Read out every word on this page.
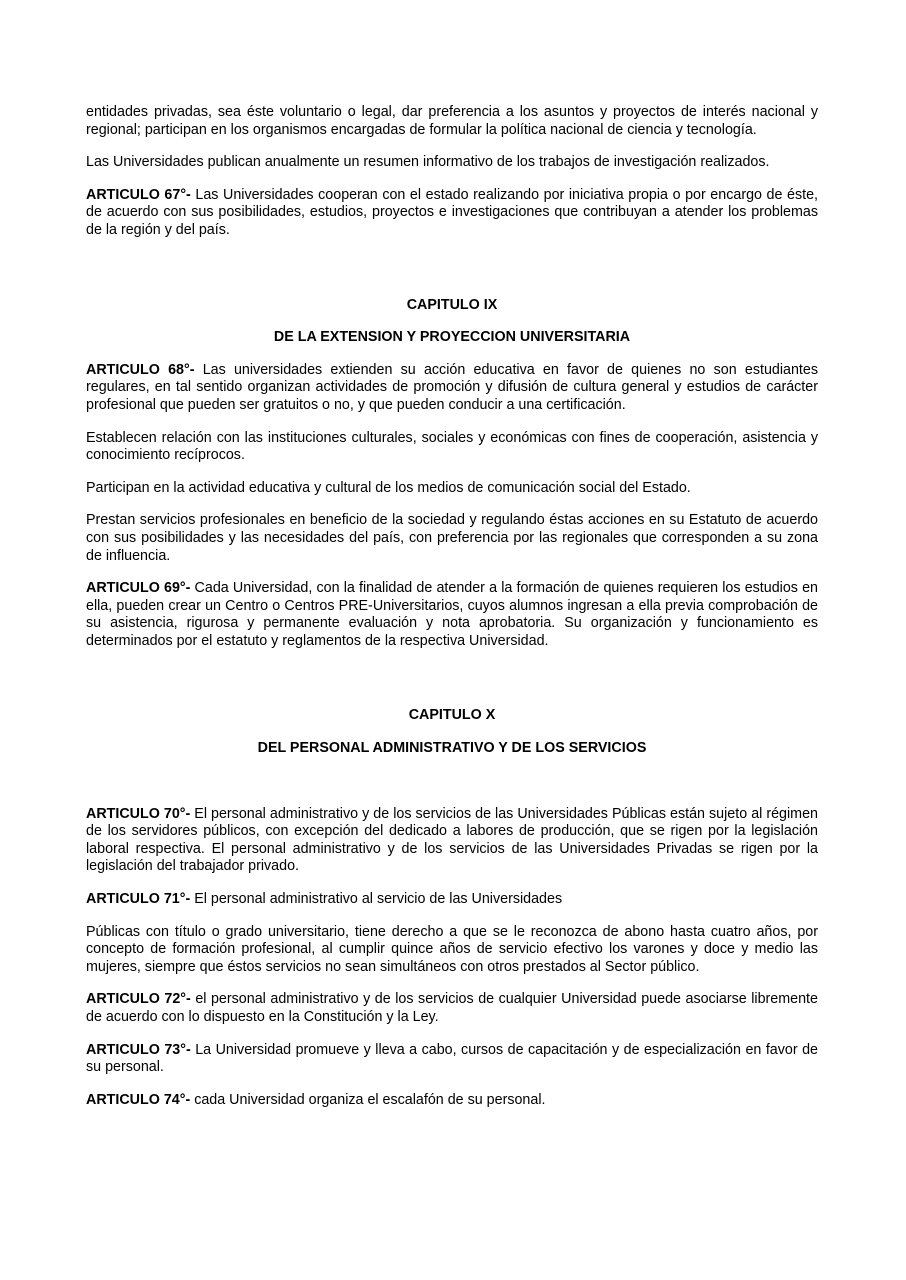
entidades privadas, sea éste voluntario o legal, dar preferencia a los asuntos y proyectos de interés nacional y regional; participan en los organismos encargadas de formular la política nacional de ciencia y tecnología.

Las Universidades publican anualmente un resumen informativo de los trabajos de investigación realizados.

ARTICULO 67°- Las Universidades cooperan con el estado realizando por iniciativa propia o por encargo de éste, de acuerdo con sus posibilidades, estudios, proyectos e investigaciones que contribuyan a atender los problemas de la región y del país.

CAPITULO IX

DE LA EXTENSION Y PROYECCION UNIVERSITARIA

ARTICULO 68°- Las universidades extienden su acción educativa en favor de quienes no son estudiantes regulares, en tal sentido organizan actividades de promoción y difusión de cultura general y estudios de carácter profesional que pueden ser gratuitos o no, y que pueden conducir a una certificación.

Establecen relación con las instituciones culturales, sociales y económicas con fines de cooperación, asistencia y conocimiento recíprocos.

Participan en la actividad educativa y cultural de los medios de comunicación social del Estado.

Prestan servicios profesionales en beneficio de la sociedad y regulando éstas acciones en su Estatuto de acuerdo con sus posibilidades y las necesidades del país, con preferencia por las regionales que corresponden a su zona de influencia.

ARTICULO 69°- Cada Universidad, con la finalidad de atender a la formación de quienes requieren los estudios en ella, pueden crear un Centro o Centros PRE-Universitarios, cuyos alumnos ingresan a ella previa comprobación de su asistencia, rigurosa y permanente evaluación y nota aprobatoria. Su organización y funcionamiento es determinados por el estatuto y reglamentos de la respectiva Universidad.

CAPITULO X

DEL PERSONAL ADMINISTRATIVO Y DE LOS SERVICIOS

ARTICULO 70°- El personal administrativo y de los servicios de las Universidades Públicas están sujeto al régimen de los servidores públicos, con excepción del dedicado a labores de producción, que se rigen por la legislación laboral respectiva. El personal administrativo y de los servicios de las Universidades Privadas se rigen por la legislación del trabajador privado.

ARTICULO 71°- El personal administrativo al servicio de las Universidades

Públicas con título o grado universitario, tiene derecho a que se le reconozca de abono hasta cuatro años, por concepto de formación profesional, al cumplir quince años de servicio efectivo los varones y doce y medio las mujeres, siempre que éstos servicios no sean simultáneos con otros prestados al Sector público.

ARTICULO 72°- el personal administrativo y de los servicios de cualquier Universidad puede asociarse libremente de acuerdo con lo dispuesto en la Constitución y la Ley.

ARTICULO 73°- La Universidad promueve y lleva a cabo, cursos de capacitación y de especialización en favor de su personal.

ARTICULO 74°- cada Universidad organiza el escalafón de su personal.
